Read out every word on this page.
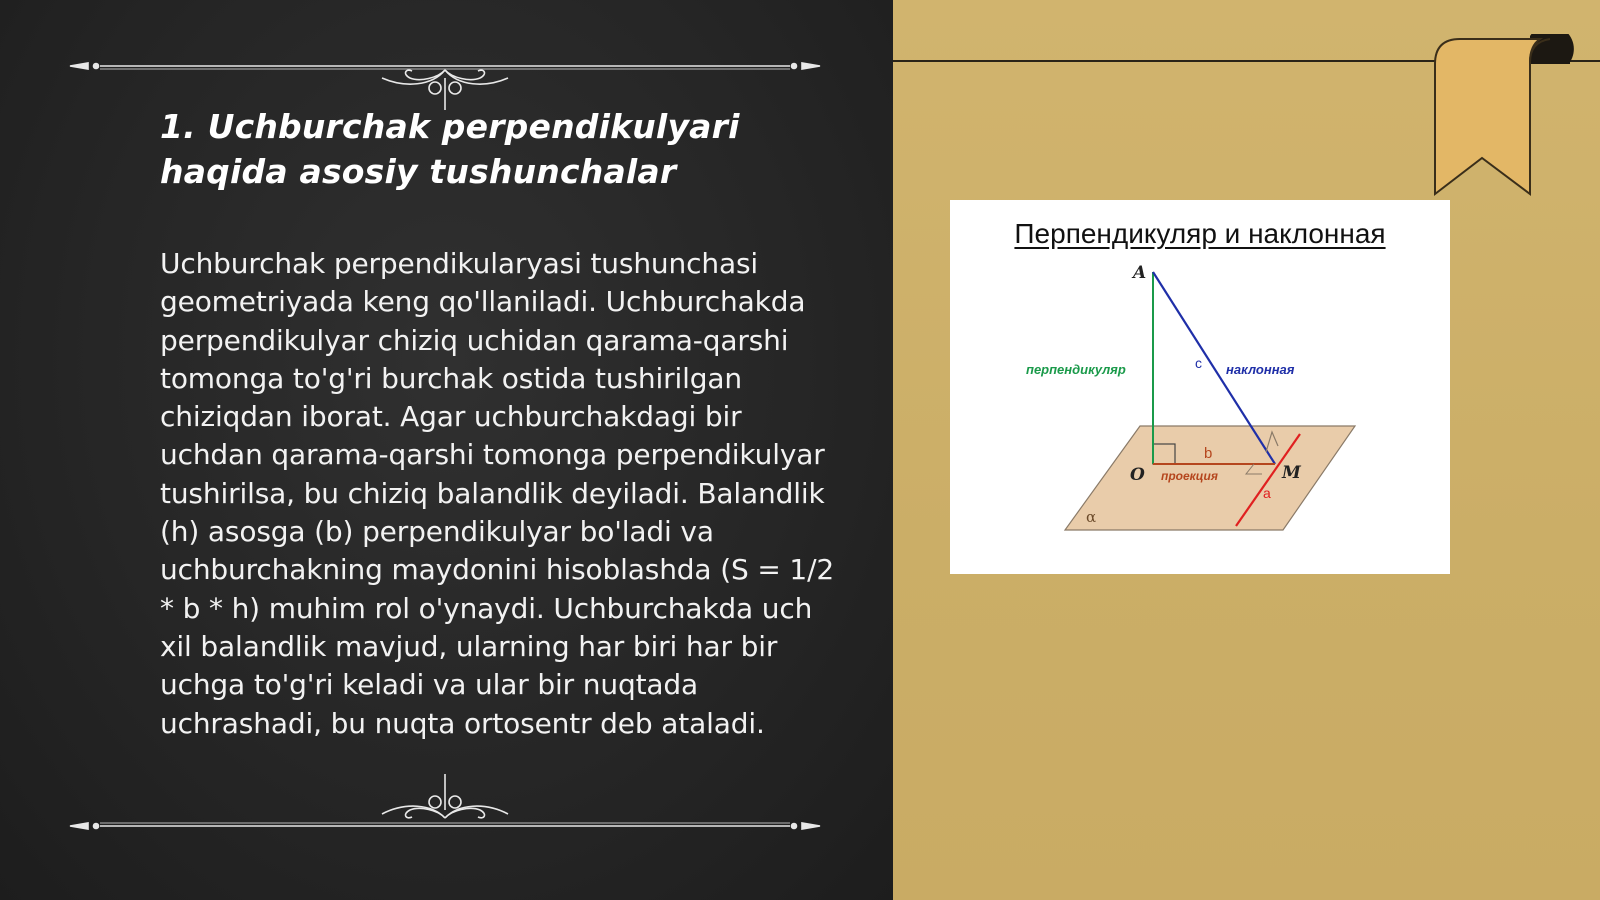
1. Uchburchak perpendikulyari haqida asosiy tushunchalar

Uchburchak perpendikularyasi tushunchasi geometriyada keng qo'llaniladi. Uchburchakda perpendikulyar chiziq uchidan qarama-qarshi tomonga to'g'ri burchak ostida tushirilgan chiziqdan iborat. Agar uchburchakdagi bir uchdan qarama-qarshi tomonga perpendikulyar tushirilsa, bu chiziq balandlik deyiladi. Balandlik (h) asosga (b) perpendikulyar bo'ladi va uchburchakning maydonini hisoblashda (S = 1/2 * b * h) muhim rol o'ynaydi. Uchburchakda uch xil balandlik mavjud, ularning har biri har bir uchga to'g'ri keladi va ular bir nuqtada uchrashadi, bu nuqta ortosentr deb ataladi.

Перпендикуляр и наклонная
A
O	M
перпендикуляр	наклонная
c
b
проекция
a
α
